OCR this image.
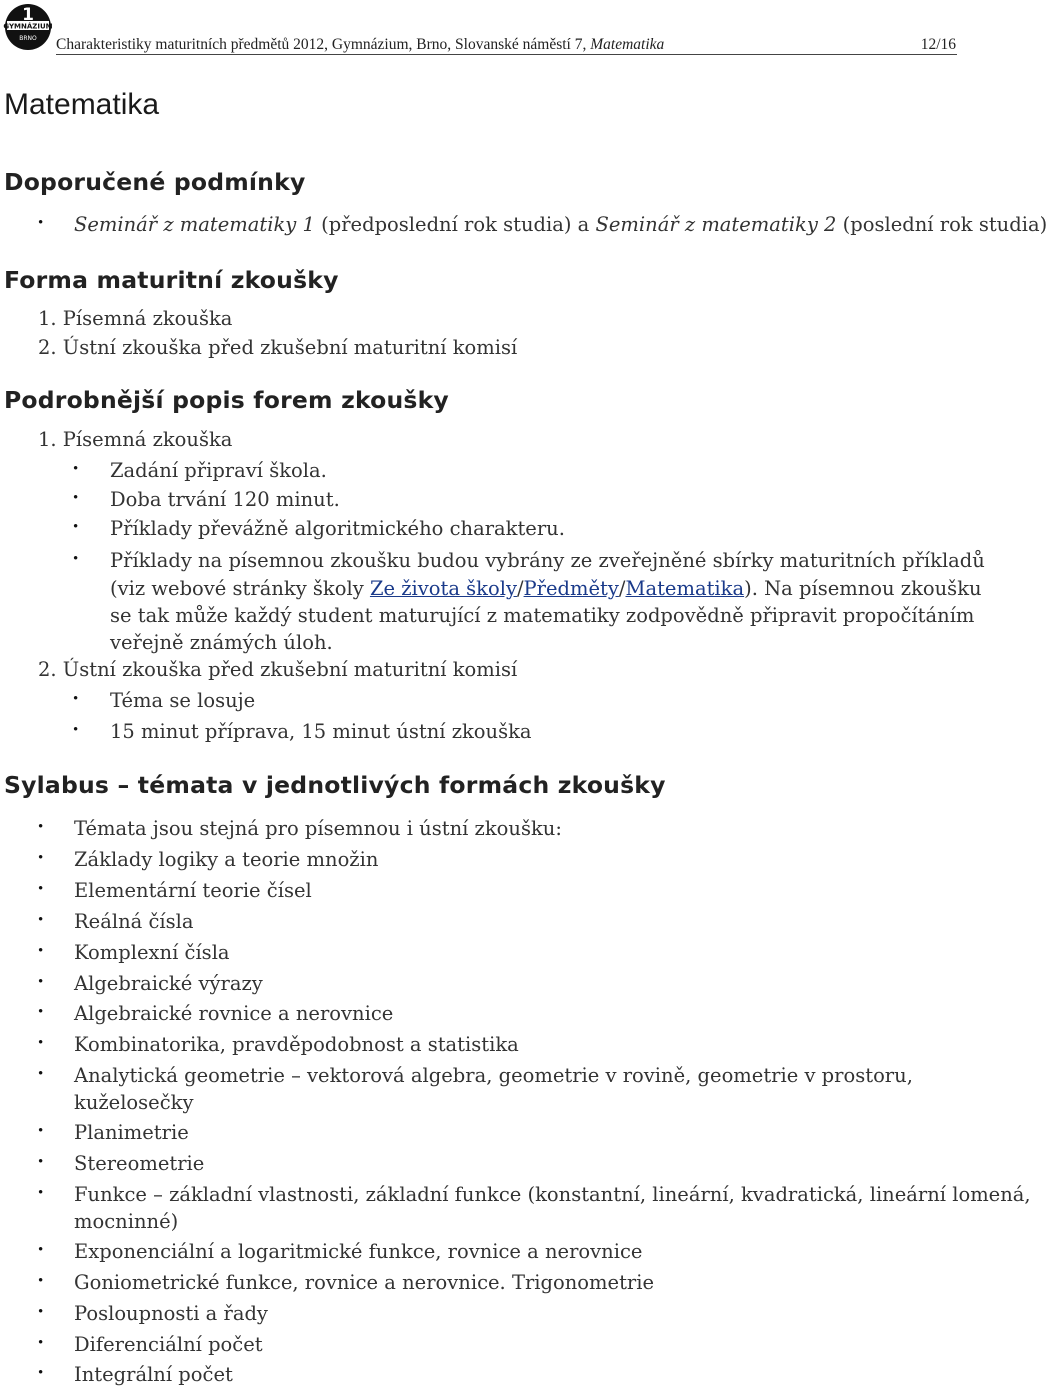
1
GYMNÁZIUM
BRNO Charakteristiky maturitních předmětů 2012, Gymnázium, Brno, Slovanské náměstí 7, Matematika	12/16
Matematika
Doporučené podmínky
• Seminář z matematiky 1 (předposlední rok studia) a Seminář z matematiky 2 (poslední rok studia)
Forma maturitní zkoušky
1. Písemná zkouška
2. Ústní zkouška před zkušební maturitní komisí
Podrobnější popis forem zkoušky
1. Písemná zkouška
• Zadání připraví škola.
• Doba trvání 120 minut.
• Příklady převážně algoritmického charakteru.
• Příklady na písemnou zkoušku budou vybrány ze zveřejněné sbírky maturitních příkladů
(viz webové stránky školy Ze života školy/Předměty/Matematika). Na písemnou zkoušku
se tak může každý student maturující z matematiky zodpovědně připravit propočítáním
veřejně známých úloh.
2. Ústní zkouška před zkušební maturitní komisí
• Téma se losuje
• 15 minut příprava, 15 minut ústní zkouška
Sylabus – témata v jednotlivých formách zkoušky
• Témata jsou stejná pro písemnou i ústní zkoušku:
• Základy logiky a teorie množin
• Elementární teorie čísel
• Reálná čísla
• Komplexní čísla
• Algebraické výrazy
• Algebraické rovnice a nerovnice
• Kombinatorika, pravděpodobnost a statistika
• Analytická geometrie – vektorová algebra, geometrie v rovině, geometrie v prostoru,
kuželosečky
• Planimetrie
• Stereometrie
• Funkce – základní vlastnosti, základní funkce (konstantní, lineární, kvadratická, lineární lomená,
mocninné)
• Exponenciální a logaritmické funkce, rovnice a nerovnice
• Goniometrické funkce, rovnice a nerovnice. Trigonometrie
• Posloupnosti a řady
• Diferenciální počet
• Integrální počet
